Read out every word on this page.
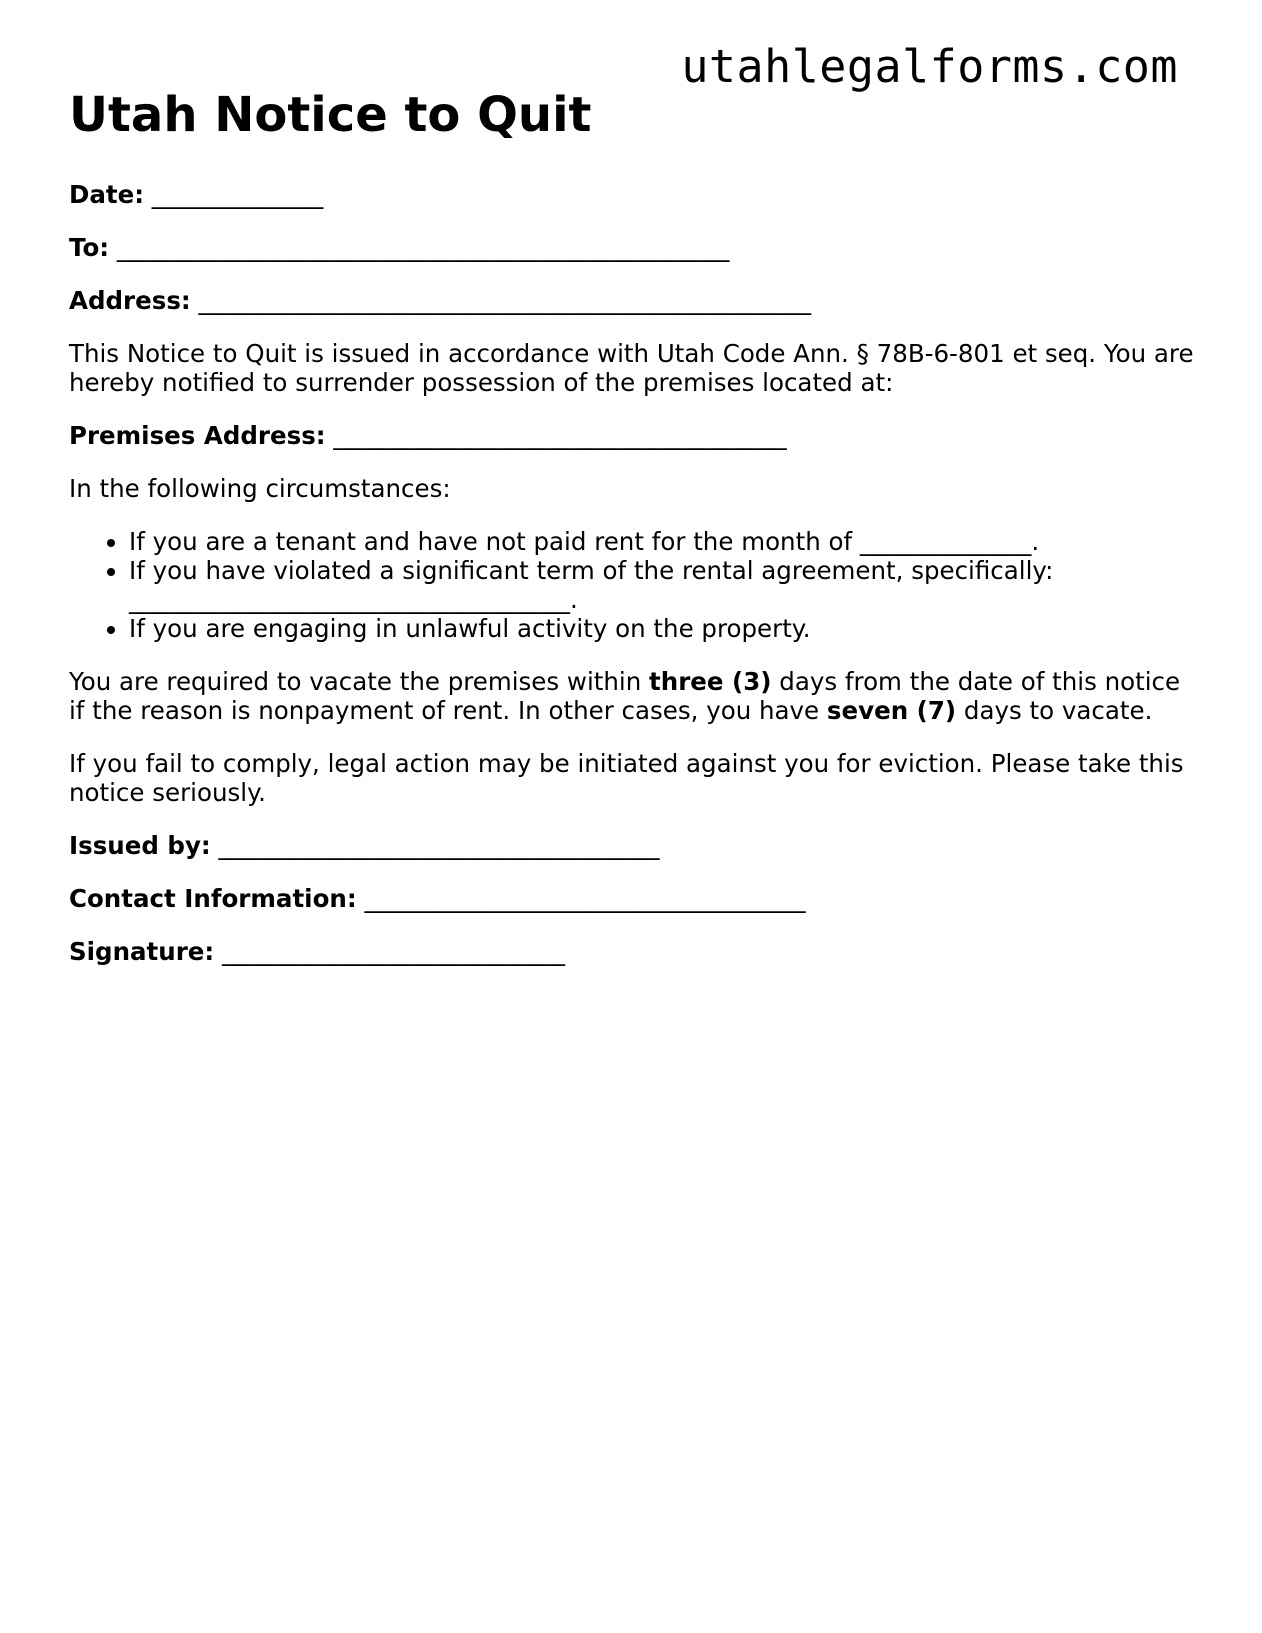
utahlegalforms.com
Utah Notice to Quit

Date: ______________

To: __________________________________________________

Address: __________________________________________________

This Notice to Quit is issued in accordance with Utah Code Ann. § 78B-6-801 et seq. You are hereby notified to surrender possession of the premises located at:

Premises Address: _____________________________________

In the following circumstances:

• If you are a tenant and have not paid rent for the month of ______________.
• If you have violated a significant term of the rental agreement, specifically: ____________________________________.
• If you are engaging in unlawful activity on the property.

You are required to vacate the premises within three (3) days from the date of this notice if the reason is nonpayment of rent. In other cases, you have seven (7) days to vacate.

If you fail to comply, legal action may be initiated against you for eviction. Please take this notice seriously.

Issued by: ____________________________________

Contact Information: ____________________________________

Signature: ____________________________
